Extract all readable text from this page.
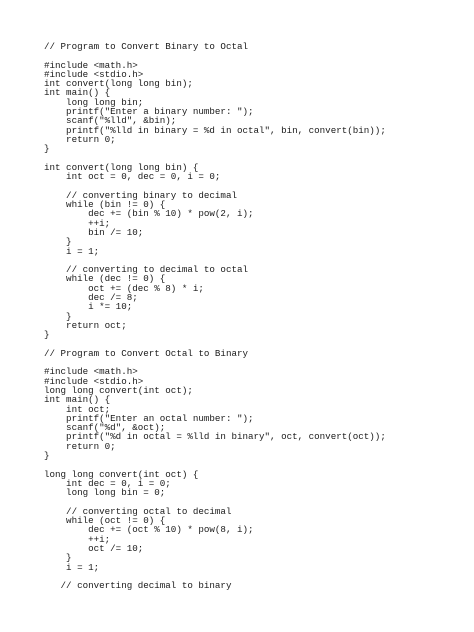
// Program to Convert Binary to Octal
#include <math.h>
#include <stdio.h>
int convert(long long bin);
int main() {
long long bin;
printf("Enter a binary number: ");
scanf("%lld", &bin);
printf("%lld in binary = %d in octal", bin, convert(bin));
return 0;
}
int convert(long long bin) {
int oct = 0, dec = 0, i = 0;
// converting binary to decimal
while (bin != 0) {
dec += (bin % 10) * pow(2, i);
++i;
bin /= 10;
}
i = 1;
// converting to decimal to octal
while (dec != 0) {
oct += (dec % 8) * i;
dec /= 8;
i *= 10;
}
return oct;
}
// Program to Convert Octal to Binary
#include <math.h>
#include <stdio.h>
long long convert(int oct);
int main() {
int oct;
printf("Enter an octal number: ");
scanf("%d", &oct);
printf("%d in octal = %lld in binary", oct, convert(oct));
return 0;
}
long long convert(int oct) {
int dec = 0, i = 0;
long long bin = 0;
// converting octal to decimal
while (oct != 0) {
dec += (oct % 10) * pow(8, i);
++i;
oct /= 10;
}
i = 1;
// converting decimal to binary
